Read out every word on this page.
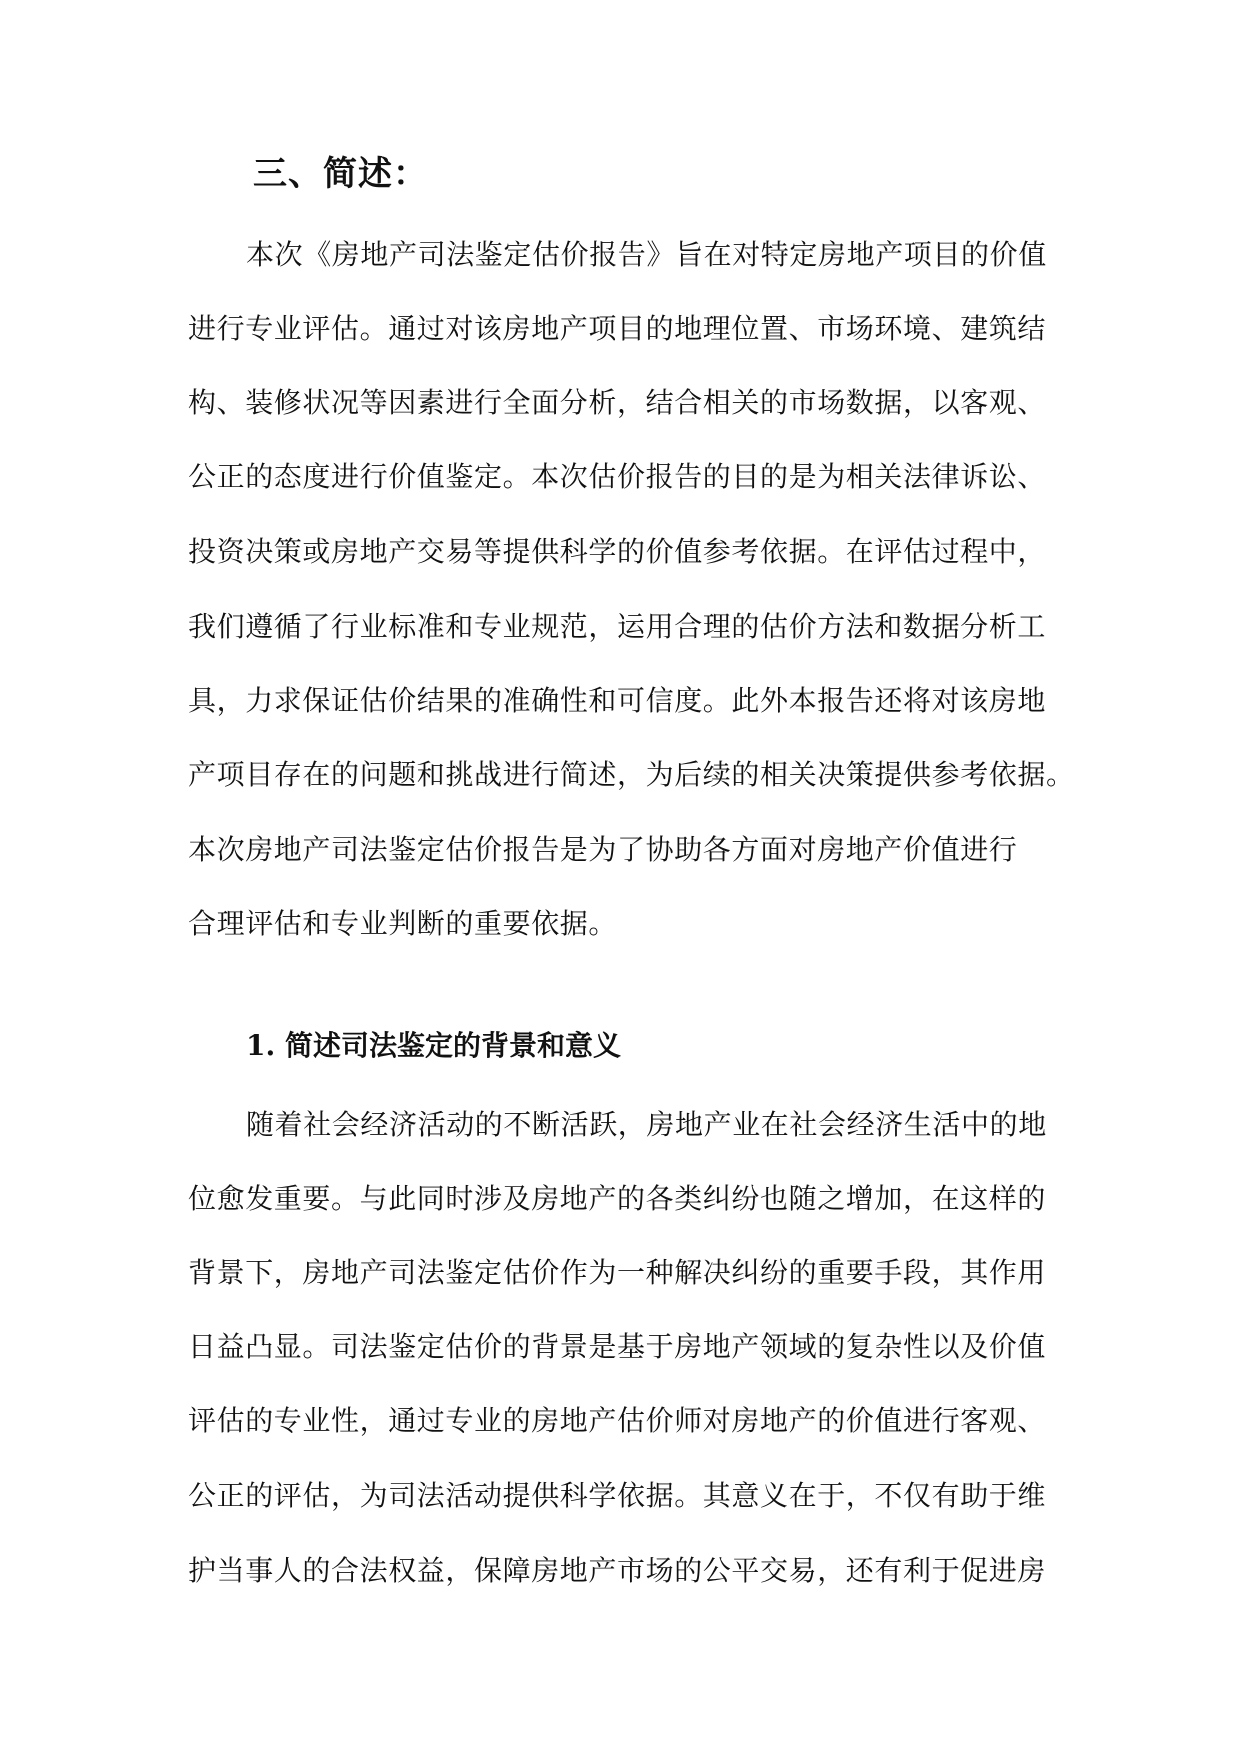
三、简述：
本次《房地产司法鉴定估价报告》旨在对特定房地产项目的价值
进行专业评估。通过对该房地产项目的地理位置、市场环境、建筑结
构、装修状况等因素进行全面分析，结合相关的市场数据，以客观、
公正的态度进行价值鉴定。本次估价报告的目的是为相关法律诉讼、
投资决策或房地产交易等提供科学的价值参考依据。在评估过程中，
我们遵循了行业标准和专业规范，运用合理的估价方法和数据分析工
具，力求保证估价结果的准确性和可信度。此外本报告还将对该房地
产项目存在的问题和挑战进行简述，为后续的相关决策提供参考依据。
本次房地产司法鉴定估价报告是为了协助各方面对房地产价值进行
合理评估和专业判断的重要依据。
1. 简述司法鉴定的背景和意义
随着社会经济活动的不断活跃，房地产业在社会经济生活中的地
位愈发重要。与此同时涉及房地产的各类纠纷也随之增加，在这样的
背景下，房地产司法鉴定估价作为一种解决纠纷的重要手段，其作用
日益凸显。司法鉴定估价的背景是基于房地产领域的复杂性以及价值
评估的专业性，通过专业的房地产估价师对房地产的价值进行客观、
公正的评估，为司法活动提供科学依据。其意义在于，不仅有助于维
护当事人的合法权益，保障房地产市场的公平交易，还有利于促进房
